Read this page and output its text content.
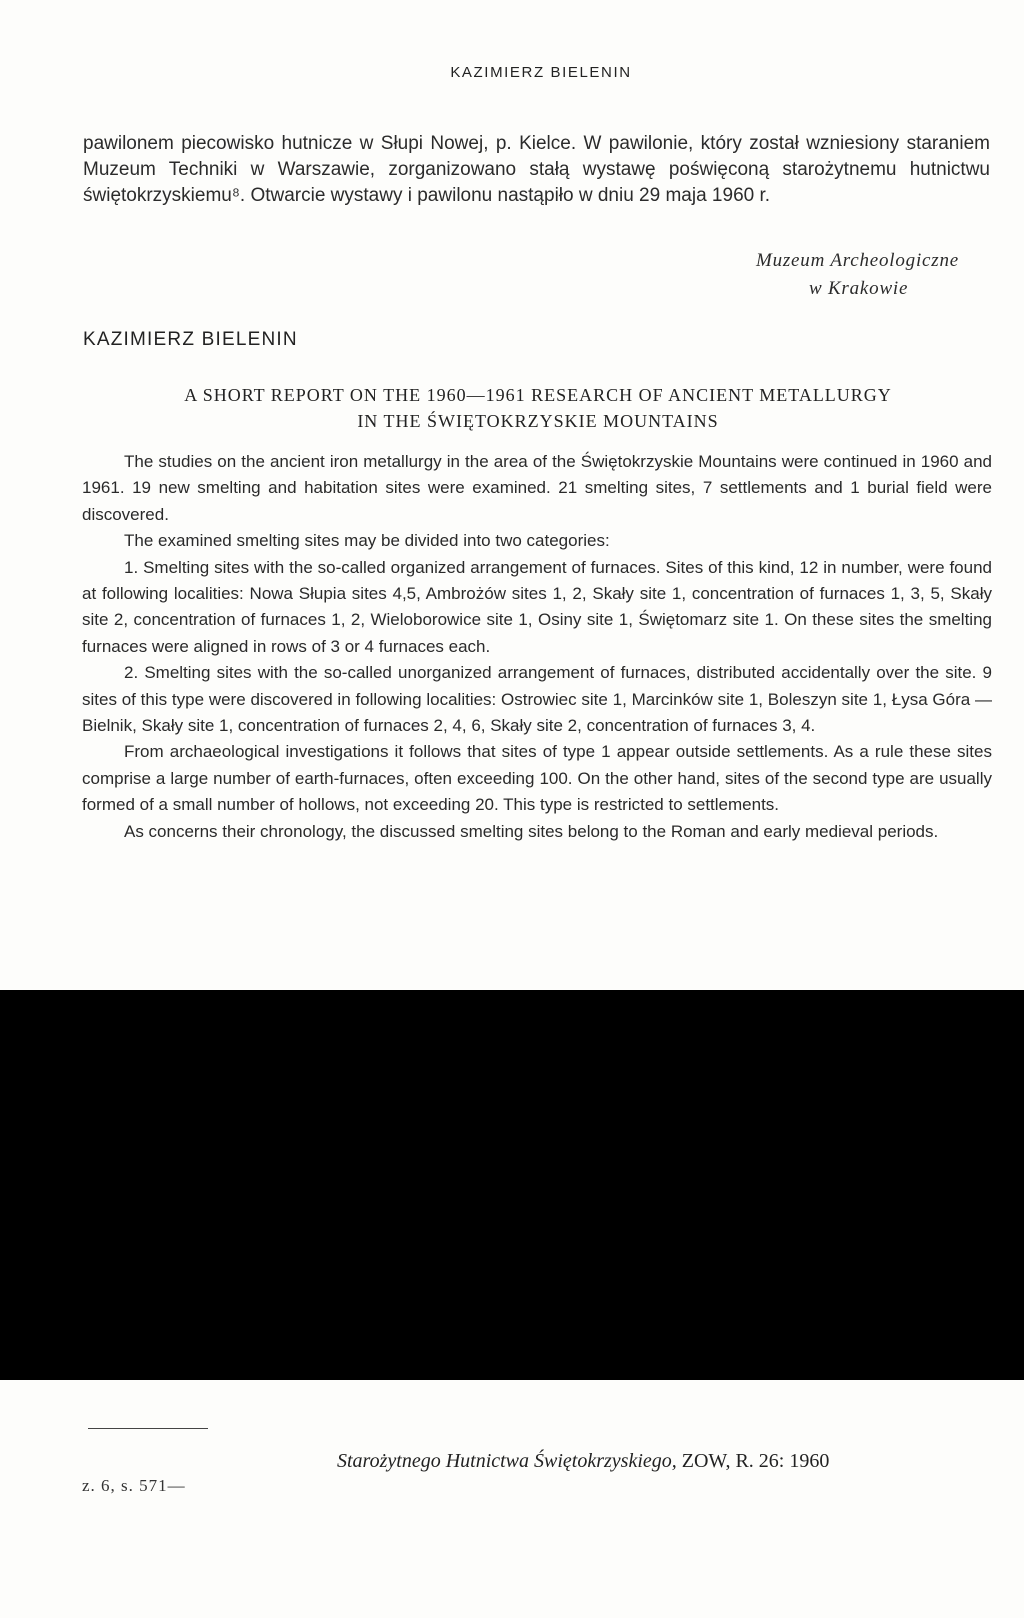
KAZIMIERZ BIELENIN

pawilonem piecowisko hutnicze w Słupi Nowej, p. Kielce. W pawilonie, który został wzniesiony staraniem Muzeum Techniki w Warszawie, zorganizowano stałą wystawę poświęconą starożytnemu hutnictwu świętokrzyskiemu⁸. Otwarcie wystawy i pawilonu nastąpiło w dniu 29 maja 1960 r.

Muzeum Archeologiczne
w Krakowie
KAZIMIERZ BIELENIN
A SHORT REPORT ON THE 1960—1961 RESEARCH OF ANCIENT METALLURGY
IN THE ŚWIĘTOKRZYSKIE MOUNTAINS

The studies on the ancient iron metallurgy in the area of the Świętokrzyskie Mountains were continued in 1960 and 1961. 19 new smelting and habitation sites were examined. 21 smelting sites, 7 settlements and 1 burial field were discovered.

The examined smelting sites may be divided into two categories:

1. Smelting sites with the so-called organized arrangement of furnaces. Sites of this kind, 12 in number, were found at following localities: Nowa Słupia sites 4,5, Ambrożów sites 1, 2, Skały site 1, concentration of furnaces 1, 3, 5, Skały site 2, concentration of furnaces 1, 2, Wieloborowice site 1, Osiny site 1, Świętomarz site 1. On these sites the smelting furnaces were aligned in rows of 3 or 4 furnaces each.

2. Smelting sites with the so-called unorganized arrangement of furnaces, distributed accidentally over the site. 9 sites of this type were discovered in following localities: Ostrowiec site 1, Marcinków site 1, Boleszyn site 1, Łysa Góra — Bielnik, Skały site 1, concentration of furnaces 2, 4, 6, Skały site 2, concentration of furnaces 3, 4.

From archaeological investigations it follows that sites of type 1 appear outside settlements. As a rule these sites comprise a large number of earth-furnaces, often exceeding 100. On the other hand, sites of the second type are usually formed of a small number of hollows, not exceeding 20. This type is restricted to settlements.

As concerns their chronology, the discussed smelting sites belong to the Roman and early medieval periods.

z. 6, s. 571—
Starożytnego Hutnictwa Świętokrzyskiego, ZOW, R. 26: 1960
